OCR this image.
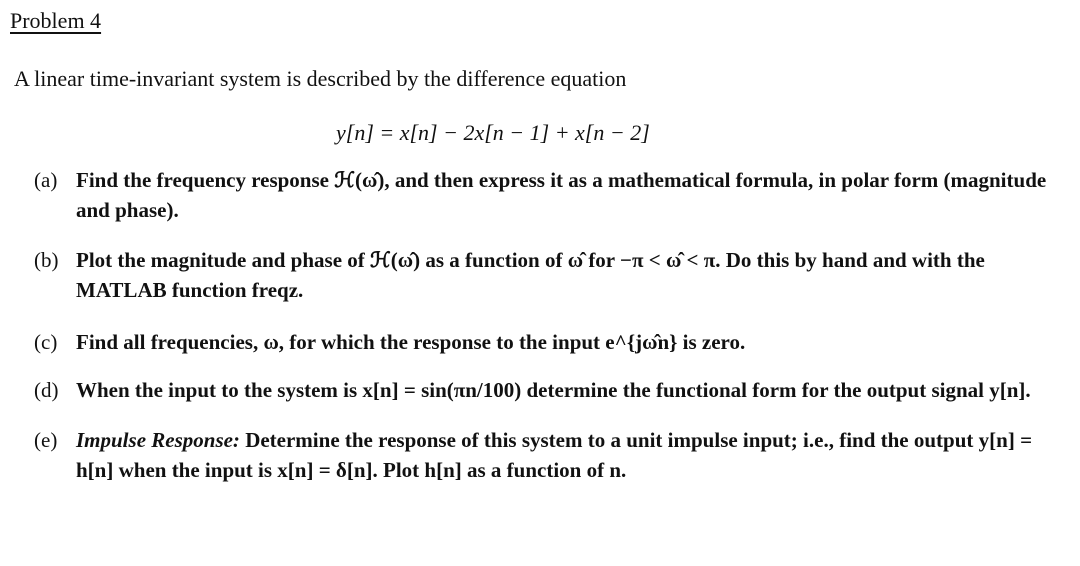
Problem 4
A linear time-invariant system is described by the difference equation
y[n] = x[n] − 2x[n − 1] + x[n − 2]
(a) Find the frequency response ℋ(ω̂), and then express it as a mathematical formula, in polar form (magnitude and phase).
(b) Plot the magnitude and phase of ℋ(ω̂) as a function of ω̂ for −π < ω̂ < π. Do this by hand and with the MATLAB function freqz.
(c) Find all frequencies, ω, for which the response to the input e^{jω̂n} is zero.
(d) When the input to the system is x[n] = sin(πn/100) determine the functional form for the output signal y[n].
(e) Impulse Response: Determine the response of this system to a unit impulse input; i.e., find the output y[n] = h[n] when the input is x[n] = δ[n]. Plot h[n] as a function of n.
